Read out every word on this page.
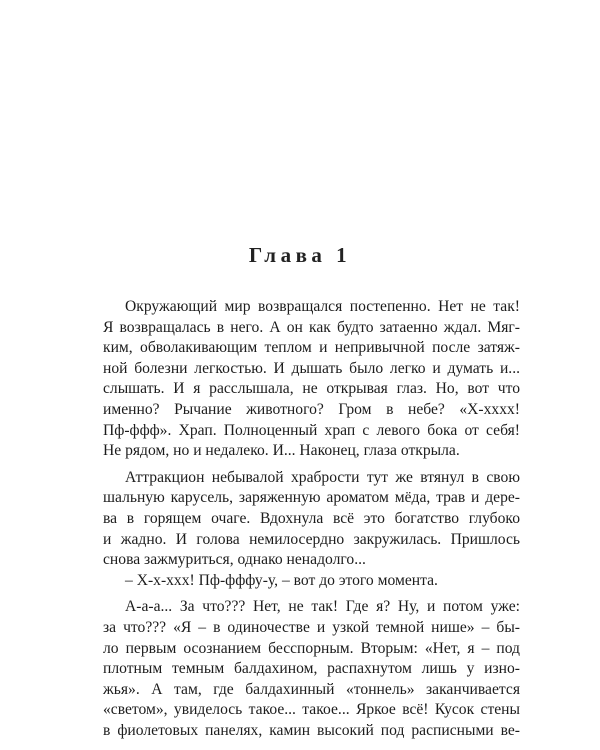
Глава 1
Окружающий мир возвращался постепенно. Нет не так!
Я возвращалась в него. А он как будто затаенно ждал. Мяг-
ким, обволакивающим теплом и непривычной после затяж-
ной болезни легкостью. И дышать было легко и думать и...
слышать. И я расслышала, не открывая глаз. Но, вот что
именно? Рычание животного? Гром в небе? «Х-хххх!
Пф-ффф». Храп. Полноценный храп с левого бока от себя!
Не рядом, но и недалеко. И... Наконец, глаза открыла.
Аттракцион небывалой храбрости тут же втянул в свою
шальную карусель, заряженную ароматом мёда, трав и дере-
ва в горящем очаге. Вдохнула всё это богатство глубоко
и жадно. И голова немилосердно закружилась. Пришлось
снова зажмуриться, однако ненадолго...
– Х-х-ххх! Пф-фффу-у, – вот до этого момента.
А-а-а... За что??? Нет, не так! Где я? Ну, и потом уже:
за что??? «Я – в одиночестве и узкой темной нише» – бы-
ло первым осознанием бесспорным. Вторым: «Нет, я – под
плотным темным балдахином, распахнутом лишь у изно-
жья». А там, где балдахинный «тоннель» заканчивается
«светом», увиделось такое... такое... Яркое всё! Кусок стены
в фиолетовых панелях, камин высокий под расписными ве-
